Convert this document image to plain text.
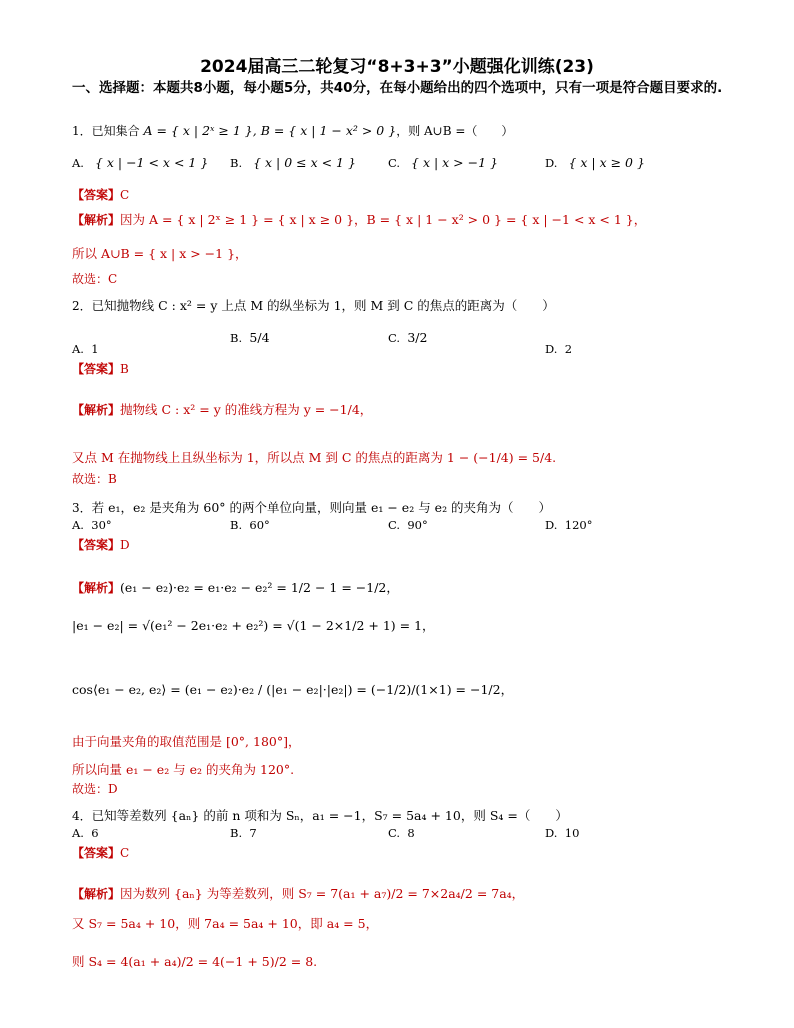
2024届高三二轮复习“8+3+3”小题强化训练(23)
一、选择题：本题共8小题，每小题5分，共40分，在每小题给出的四个选项中，只有一项是符合题目要求的.
1．已知集合 A = { x | 2ˣ ≥ 1 }, B = { x | 1 − x² > 0 }，则 A∪B =（　　）
A. { x | −1 < x < 1 } B. { x | 0 ≤ x < 1 }	C. { x | x > −1 }	D. { x | x ≥ 0 }
【答案】C
【解析】因为 A = { x | 2ˣ ≥ 1 } = { x | x ≥ 0 }，B = { x | 1 − x² > 0 } = { x | −1 < x < 1 }，
所以 A∪B = { x | x > −1 }，
故选：C
2．已知抛物线 C : x² = y 上点 M 的纵坐标为 1，则 M 到 C 的焦点的距离为（　　）
A. 1
B. 5/4	C. 3/2
D. 2
【答案】B
【解析】抛物线 C : x² = y 的准线方程为 y = −1/4，
又点 M 在抛物线上且纵坐标为 1，所以点 M 到 C 的焦点的距离为 1 − (−1/4) = 5/4.
故选：B
3．若 e₁，e₂ 是夹角为 60° 的两个单位向量，则向量 e₁ − e₂ 与 e₂ 的夹角为（　　）
A. 30°	B. 60°	C. 90°	D. 120°
【答案】D
【解析】(e₁ − e₂)·e₂ = e₁·e₂ − e₂² = 1/2 − 1 = −1/2，
|e₁ − e₂| = √(e₁² − 2e₁·e₂ + e₂²) = √(1 − 2×1/2 + 1) = 1，
cos⟨e₁ − e₂, e₂⟩ = (e₁ − e₂)·e₂ / (|e₁ − e₂|·|e₂|) = (−1/2)/(1×1) = −1/2，
由于向量夹角的取值范围是 [0°, 180°]，
所以向量 e₁ − e₂ 与 e₂ 的夹角为 120°.
故选：D
4．已知等差数列 {aₙ} 的前 n 项和为 Sₙ，a₁ = −1，S₇ = 5a₄ + 10，则 S₄ =（　　）
A. 6	B. 7	C. 8	D. 10
【答案】C
【解析】因为数列 {aₙ} 为等差数列，则 S₇ = 7(a₁ + a₇)/2 = 7×2a₄/2 = 7a₄，
又 S₇ = 5a₄ + 10，则 7a₄ = 5a₄ + 10，即 a₄ = 5，
则 S₄ = 4(a₁ + a₄)/2 = 4(−1 + 5)/2 = 8.
